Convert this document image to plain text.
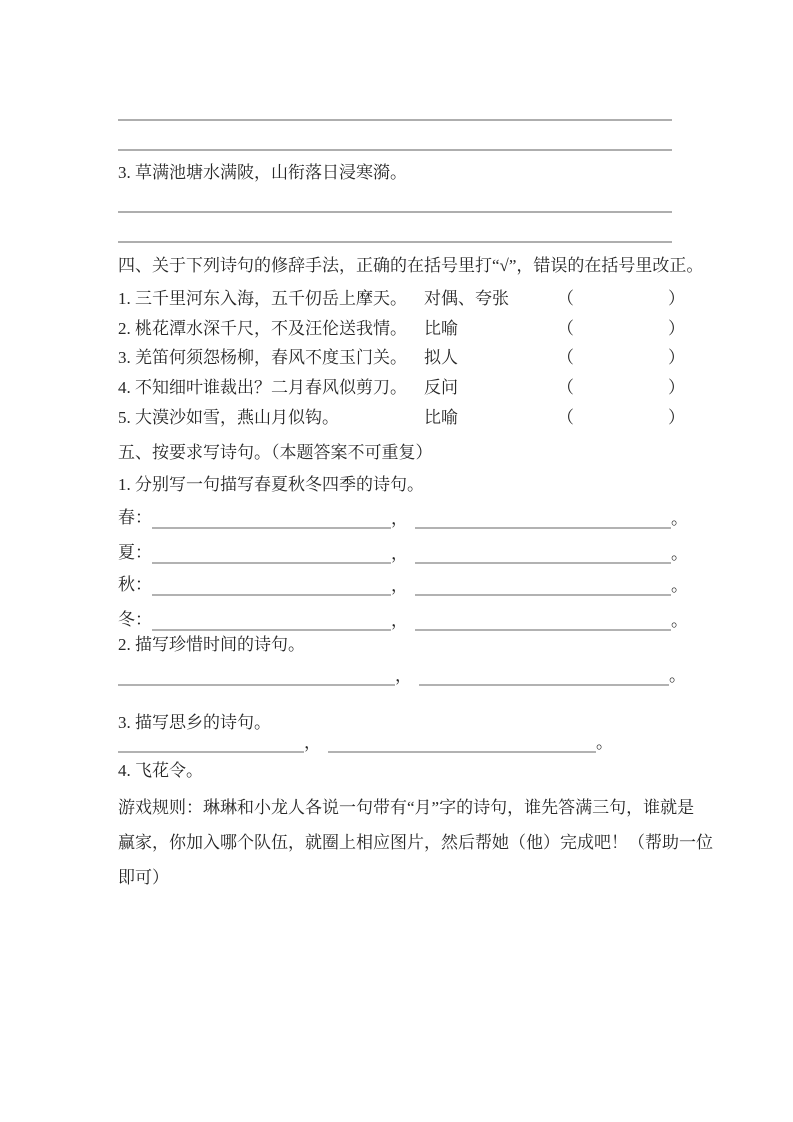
3. 草满池塘水满陂，山衔落日浸寒漪。
四、关于下列诗句的修辞手法，正确的在括号里打“√”，错误的在括号里改正。
1. 三千里河东入海，五千仞岳上摩天。 对偶、夸张	（	）
2. 桃花潭水深千尺，不及汪伦送我情。 比喻	（	）
3. 羌笛何须怨杨柳，春风不度玉门关。 拟人	（	）
4. 不知细叶谁裁出？二月春风似剪刀。 反问	（	）
5. 大漠沙如雪，燕山月似钩。	比喻	（	）
五、按要求写诗句。（本题答案不可重复）
1. 分别写一句描写春夏秋冬四季的诗句。
春：	，	。
夏：	，	。
秋：	，	。
冬：	，	。
2. 描写珍惜时间的诗句。
，	。
3. 描写思乡的诗句。
，	。
4. 飞花令。
游戏规则：琳琳和小龙人各说一句带有“月”字的诗句，谁先答满三句，谁就是
赢家，你加入哪个队伍，就圈上相应图片，然后帮她（他）完成吧！（帮助一位
即可）
